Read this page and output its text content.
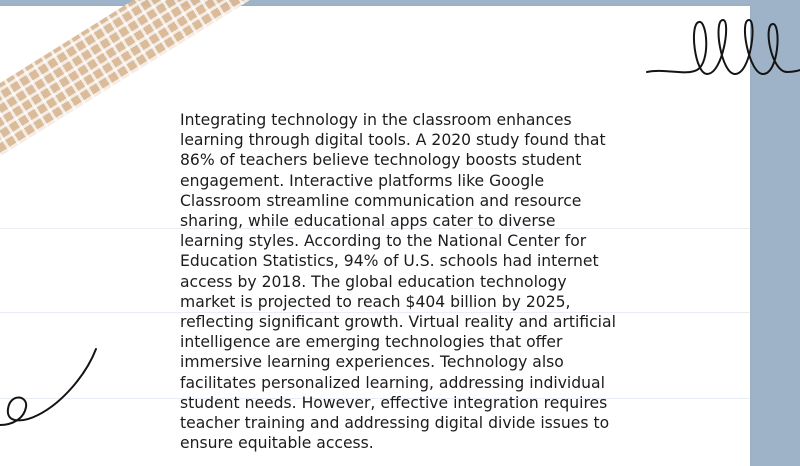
Integrating technology in the classroom enhances learning through digital tools. A 2020 study found that 86% of teachers believe technology boosts student engagement. Interactive platforms like Google Classroom streamline communication and resource sharing, while educational apps cater to diverse learning styles. According to the National Center for Education Statistics, 94% of U.S. schools had internet access by 2018. The global education technology market is projected to reach $404 billion by 2025, reflecting significant growth. Virtual reality and artificial intelligence are emerging technologies that offer immersive learning experiences. Technology also facilitates personalized learning, addressing individual student needs. However, effective integration requires teacher training and addressing digital divide issues to ensure equitable access.
